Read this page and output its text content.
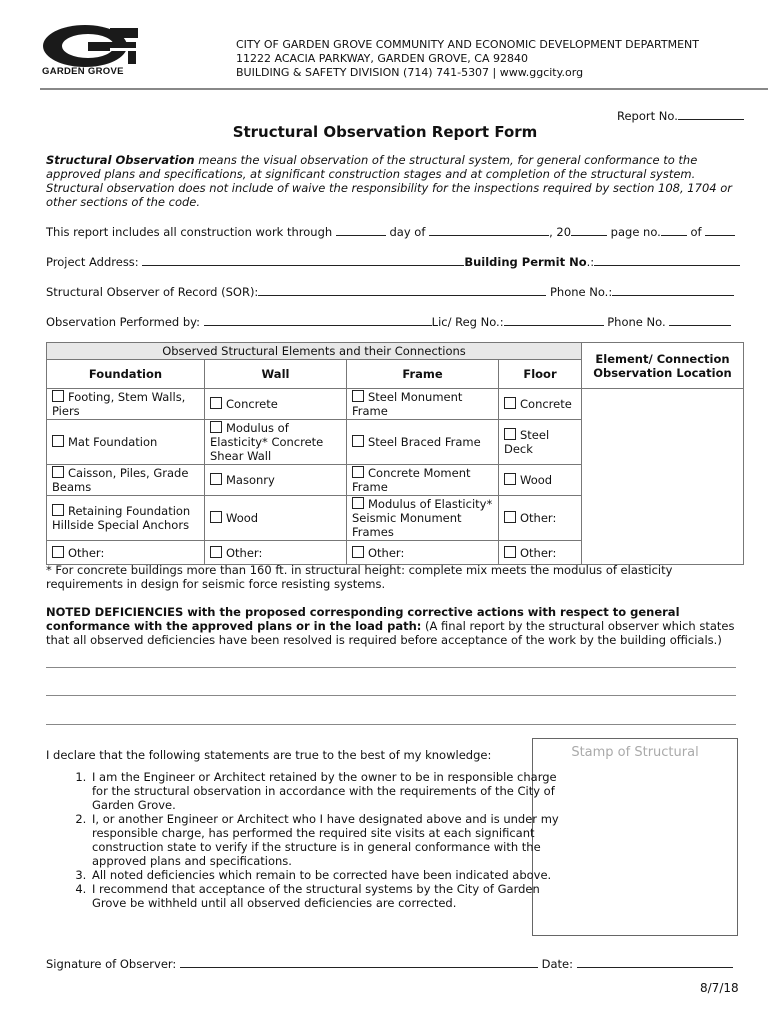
GARDEN GROVE
CITY OF GARDEN GROVE COMMUNITY AND ECONOMIC DEVELOPMENT DEPARTMENT
11222 ACACIA PARKWAY, GARDEN GROVE, CA 92840
BUILDING & SAFETY DIVISION (714) 741-5307 | www.ggcity.org
Report No.
Structural Observation Report Form
Structural Observation means the visual observation of the structural system, for general conformance to the approved plans and specifications, at significant construction stages and at completion of the structural system. Structural observation does not include of waive the responsibility for the inspections required by section 108, 1704 or other sections of the code.
This report includes all construction work through	day of	, 20	page no.	of
Project Address:	Building Permit No.:
Structural Observer of Record (SOR):	Phone No.:
Observation Performed by:	Lic/ Reg No.:	Phone No.
Observed Structural Elements and their Connections				Element/ Connection Observation Location
Foundation	Wall	Frame	Floor	
Footing, Stem Walls, Piers	Concrete	Steel Monument Frame	Concrete	
Mat Foundation	Modulus of Elasticity* Concrete Shear Wall	Steel Braced Frame	Steel Deck	
Caisson, Piles, Grade Beams	Masonry	Concrete Moment Frame	Wood	
Retaining Foundation Hillside Special Anchors	Wood	Modulus of Elasticity* Seismic Monument Frames	Other:	
Other:	Other:	Other:	Other:	
* For concrete buildings more than 160 ft. in structural height: complete mix meets the modulus of elasticity requirements in design for seismic force resisting systems.
NOTED DEFICIENCIES with the proposed corresponding corrective actions with respect to general conformance with the approved plans or in the load path: (A final report by the structural observer which states that all observed deficiencies have been resolved is required before acceptance of the work by the building officials.)
Stamp of Structural
I declare that the following statements are true to the best of my knowledge:
1. I am the Engineer or Architect retained by the owner to be in responsible charge for the structural observation in accordance with the requirements of the City of Garden Grove.
2. I, or another Engineer or Architect who I have designated above and is under my responsible charge, has performed the required site visits at each significant construction state to verify if the structure is in general conformance with the approved plans and specifications.
3. All noted deficiencies which remain to be corrected have been indicated above.
4. I recommend that acceptance of the structural systems by the City of Garden Grove be withheld until all observed deficiencies are corrected.
Signature of Observer:	Date:
8/7/18
